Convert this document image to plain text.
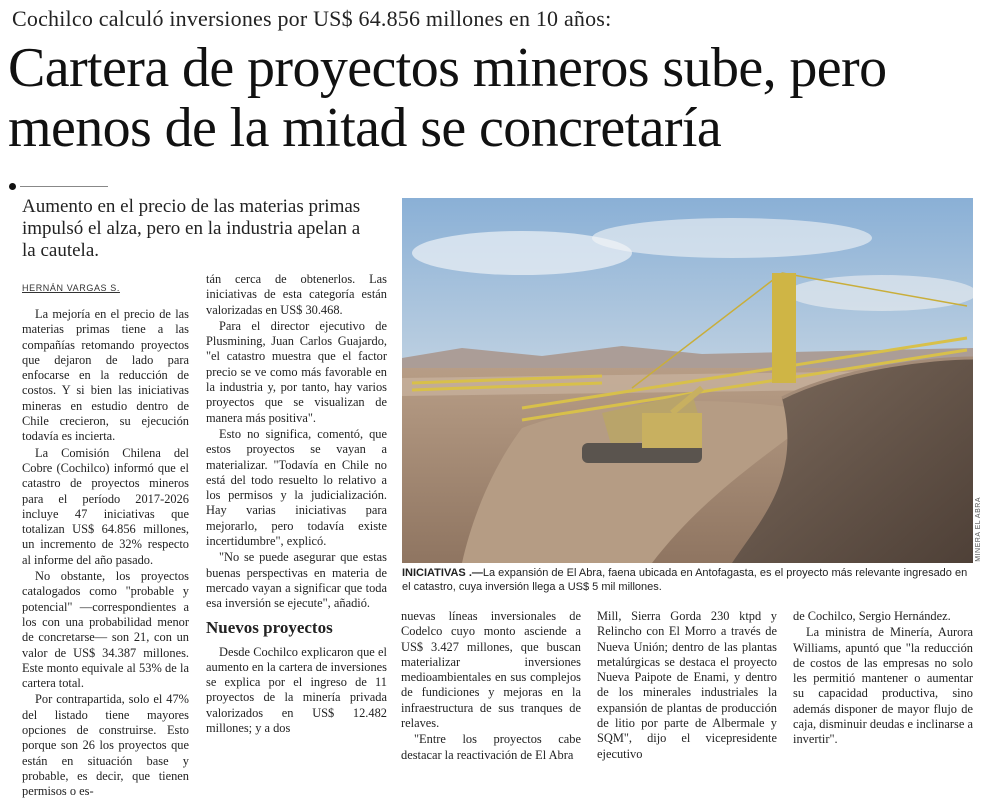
Cochilco calculó inversiones por US$ 64.856 millones en 10 años:
Cartera de proyectos mineros sube, pero menos de la mitad se concretaría
Aumento en el precio de las materias primas impulsó el alza, pero en la industria apelan a la cautela.
HERNÁN VARGAS S.

La mejoría en el precio de las materias primas tiene a las compañías retomando proyectos que dejaron de lado para enfocarse en la reducción de costos. Y si bien las iniciativas mineras en estudio dentro de Chile crecieron, su ejecución todavía es incierta.

La Comisión Chilena del Cobre (Cochilco) informó que el catastro de proyectos mineros para el período 2017-2026 incluye 47 iniciativas que totalizan US$ 64.856 millones, un incremento de 32% respecto al informe del año pasado.

No obstante, los proyectos catalogados como "probable y potencial" —correspondientes a los con una probabilidad menor de concretarse— son 21, con un valor de US$ 34.387 millones. Este monto equivale al 53% de la cartera total.

Por contrapartida, solo el 47% del listado tiene mayores opciones de construirse. Esto porque son 26 los proyectos que están en situación base y probable, es decir, que tienen permisos o es-

tán cerca de obtenerlos. Las iniciativas de esta categoría están valorizadas en US$ 30.468.

Para el director ejecutivo de Plusmining, Juan Carlos Guajardo, "el catastro muestra que el factor precio se ve como más favorable en la industria y, por tanto, hay varios proyectos que se visualizan de manera más positiva".

Esto no significa, comentó, que estos proyectos se vayan a materializar. "Todavía en Chile no está del todo resuelto lo relativo a los permisos y la judicialización. Hay varias iniciativas para mejorarlo, pero todavía existe incertidumbre", explicó.

"No se puede asegurar que estas buenas perspectivas en materia de mercado vayan a significar que toda esa inversión se ejecute", añadió.

Nuevos proyectos

Desde Cochilco explicaron que el aumento en la cartera de inversiones se explica por el ingreso de 11 proyectos de la minería privada valorizados en US$ 12.482 millones; y a dos

MINERA EL ABRA
INICIATIVAS .—La expansión de El Abra, faena ubicada en Antofagasta, es el proyecto más relevante ingresado en el catastro, cuya inversión llega a US$ 5 mil millones.

nuevas líneas inversionales de Codelco cuyo monto asciende a US$ 3.427 millones, que buscan materializar inversiones medioambientales en sus complejos de fundiciones y mejoras en la infraestructura de sus tranques de relaves.

"Entre los proyectos cabe destacar la reactivación de El Abra

Mill, Sierra Gorda 230 ktpd y Relincho con El Morro a través de Nueva Unión; dentro de las plantas metalúrgicas se destaca el proyecto Nueva Paipote de Enami, y dentro de los minerales industriales la expansión de plantas de producción de litio por parte de Albermale y SQM", dijo el vicepresidente ejecutivo

de Cochilco, Sergio Hernández.

La ministra de Minería, Aurora Williams, apuntó que "la reducción de costos de las empresas no solo les permitió mantener o aumentar su capacidad productiva, sino además disponer de mayor flujo de caja, disminuir deudas e inclinarse a invertir".
